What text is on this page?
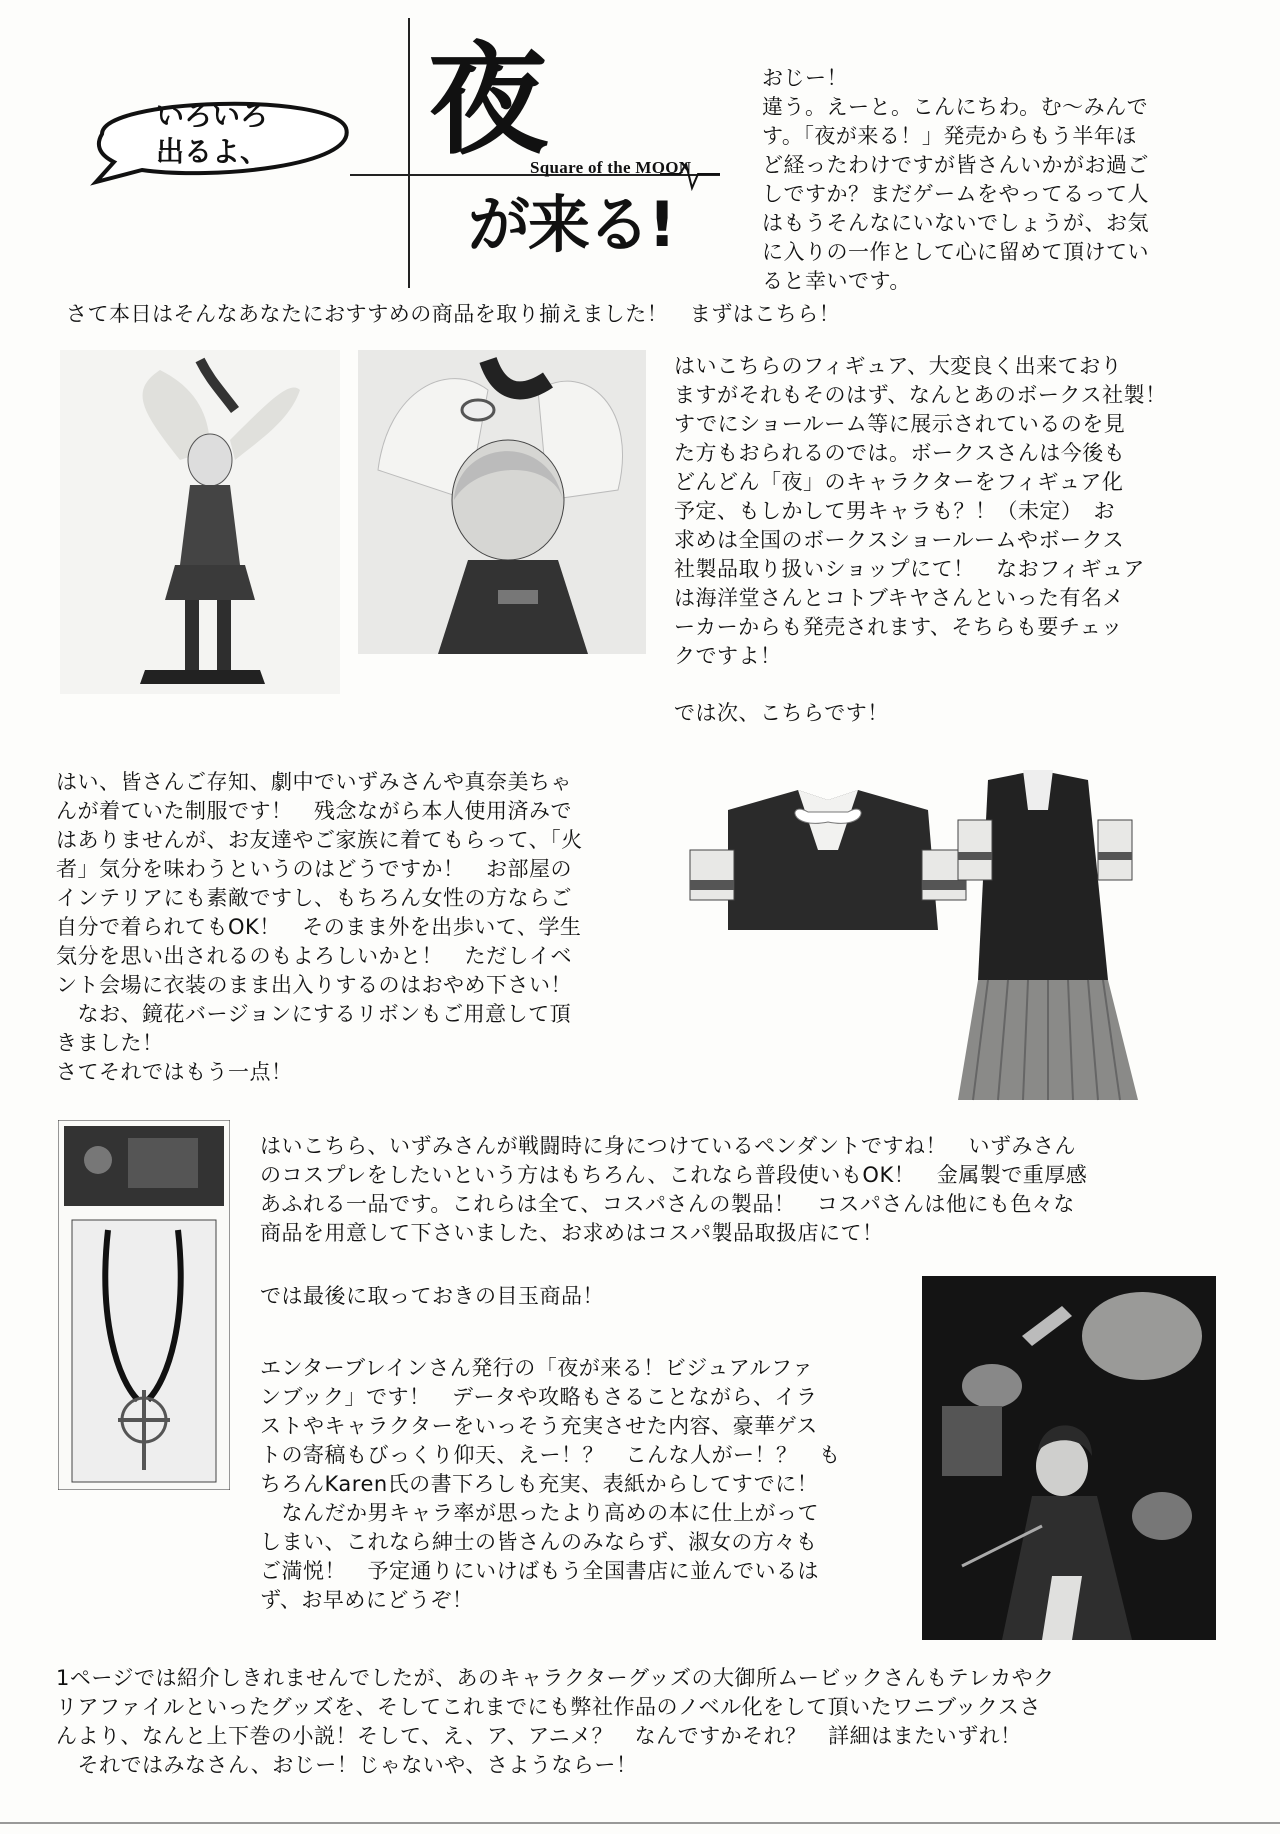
いろいろ
出るよ、	夜
Square of the MOON
が来る!
おじー！
違う。えーと。こんにちわ。む〜みんで
す。「夜が来る！」発売からもう半年ほ
ど経ったわけですが皆さんいかがお過ご
しですか？まだゲームをやってるって人
はもうそんなにいないでしょうが、お気
に入りの一作として心に留めて頂けてい
ると幸いです。
さて本日はそんなあなたにおすすめの商品を取り揃えました！　まずはこちら！
はいこちらのフィギュア、大変良く出来ており
ますがそれもそのはず、なんとあのボークス社製！
すでにショールーム等に展示されているのを見
た方もおられるのでは。ボークスさんは今後も
どんどん「夜」のキャラクターをフィギュア化
予定、もしかして男キャラも？！（未定）　お
求めは全国のボークスショールームやボークス
社製品取り扱いショップにて！　なおフィギュア
は海洋堂さんとコトブキヤさんといった有名メ
ーカーからも発売されます、そちらも要チェッ
クですよ！
では次、こちらです！
はい、皆さんご存知、劇中でいずみさんや真奈美ちゃ
んが着ていた制服です！　残念ながら本人使用済みで
はありませんが、お友達やご家族に着てもらって、「火
者」気分を味わうというのはどうですか！　お部屋の
インテリアにも素敵ですし、もちろん女性の方ならご
自分で着られてもOK！　そのまま外を出歩いて、学生
気分を思い出されるのもよろしいかと！　ただしイベ
ント会場に衣装のまま出入りするのはおやめ下さい！
　なお、鏡花バージョンにするリボンもご用意して頂
きました！
さてそれではもう一点！
はいこちら、いずみさんが戦闘時に身につけているペンダントですね！　いずみさん
のコスプレをしたいという方はもちろん、これなら普段使いもOK！　金属製で重厚感
あふれる一品です。これらは全て、コスパさんの製品！　コスパさんは他にも色々な
商品を用意して下さいました、お求めはコスパ製品取扱店にて！
では最後に取っておきの目玉商品！
エンターブレインさん発行の「夜が来る！ビジュアルファ
ンブック」です！　データや攻略もさることながら、イラ
ストやキャラクターをいっそう充実させた内容、豪華ゲス
トの寄稿もびっくり仰天、えー！？　こんな人がー！？　も
ちろんKaren氏の書下ろしも充実、表紙からしてすでに！
　なんだか男キャラ率が思ったより高めの本に仕上がって
しまい、これなら紳士の皆さんのみならず、淑女の方々も
ご満悦！　予定通りにいけばもう全国書店に並んでいるは
ず、お早めにどうぞ！
1ページでは紹介しきれませんでしたが、あのキャラクターグッズの大御所ムービックさんもテレカやク
リアファイルといったグッズを、そしてこれまでにも弊社作品のノベル化をして頂いたワニブックスさ
んより、なんと上下巻の小説！そして、え、ア、アニメ？　なんですかそれ？　詳細はまたいずれ！
　それではみなさん、おじー！じゃないや、さようならー！
